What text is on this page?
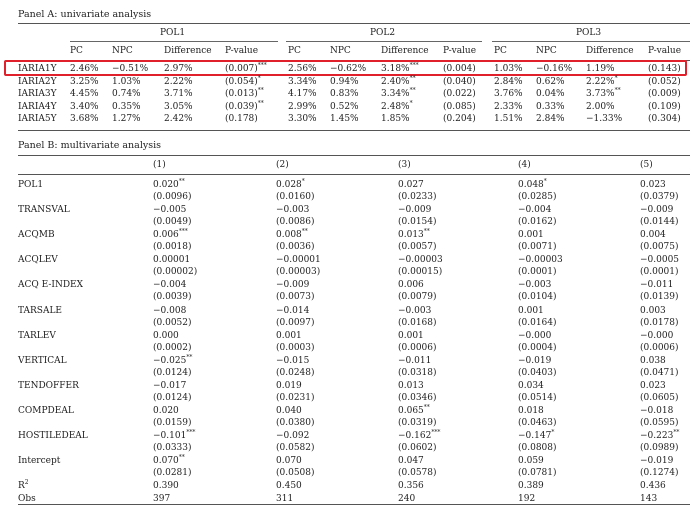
Panel A: univariate analysis
POL1	POL2	POL3
PC	NPC	Difference P-value	PC	NPC	Difference P-value PC	NPC	Difference P-value
IARIA1Y 2.46% −0.51% 2.97%	(0.007)*** 2.56% −0.62% 3.18%***	(0.004) 1.03% −0.16% 1.19%	(0.143)
IARIA2Y 3.25% 1.03%	2.22%	(0.054)*	3.34% 0.94% 2.40%**	(0.040) 2.84% 0.62% 2.22%*	(0.052)
IARIA3Y 4.45% 0.74%	3.71%	(0.013)**	4.17% 0.83% 3.34%**	(0.022) 3.76% 0.04% 3.73%**	(0.009)
IARIA4Y 3.40% 0.35%	3.05%	(0.039)**	2.99% 0.52% 2.48%*	(0.085) 2.33% 0.33% 2.00%	(0.109)
IARIA5Y 3.68% 1.27%	2.42%	(0.178)	3.30% 1.45% 1.85%	(0.204) 1.51% 2.84% −1.33%	(0.304)
Panel B: multivariate analysis
(1)	(2)	(3)	(4)	(5)
POL1	0.020**	0.028*	0.027	0.048*	0.023
(0.0096)	(0.0160)	(0.0233)	(0.0285)	(0.0379)
TRANSVAL	−0.005	−0.003	−0.009	−0.004	−0.009
(0.0049)	(0.0086)	(0.0154)	(0.0162)	(0.0144)
ACQMB	0.006***	0.008**	0.013**	0.001	0.004
(0.0018)	(0.0036)	(0.0057)	(0.0071)	(0.0075)
ACQLEV	0.00001	−0.00001	−0.00003	−0.00003	−0.0005
(0.00002)	(0.00003)	(0.00015)	(0.0001)	(0.0001)
ACQ E-INDEX	−0.004	−0.009	0.006	−0.003	−0.011
(0.0039)	(0.0073)	(0.0079)	(0.0104)	(0.0139)
TARSALE	−0.008	−0.014	−0.003	0.001	0.003
(0.0052)	(0.0097)	(0.0168)	(0.0164)	(0.0178)
TARLEV	0.000	0.001	0.001	−0.000	−0.000
(0.0002)	(0.0003)	(0.0006)	(0.0004)	(0.0006)
VERTICAL	−0.025**	−0.015	−0.011	−0.019	0.038
(0.0124)	(0.0248)	(0.0318)	(0.0403)	(0.0471)
TENDOFFER	−0.017	0.019	0.013	0.034	0.023
(0.0124)	(0.0231)	(0.0346)	(0.0514)	(0.0605)
COMPDEAL	0.020	0.040	0.065**	0.018	−0.018
(0.0159)	(0.0380)	(0.0319)	(0.0463)	(0.0595)
HOSTILEDEAL	−0.101***	−0.092	−0.162***	−0.147*	−0.223**
(0.0333)	(0.0582)	(0.0602)	(0.0808)	(0.0989)
Intercept	0.070**	0.070	0.047	0.059	−0.019
(0.0281)	(0.0508)	(0.0578)	(0.0781)	(0.1274)
$R^2$	0.390	0.450	0.356	0.389	0.436
Obs	397	311	240	192	143
